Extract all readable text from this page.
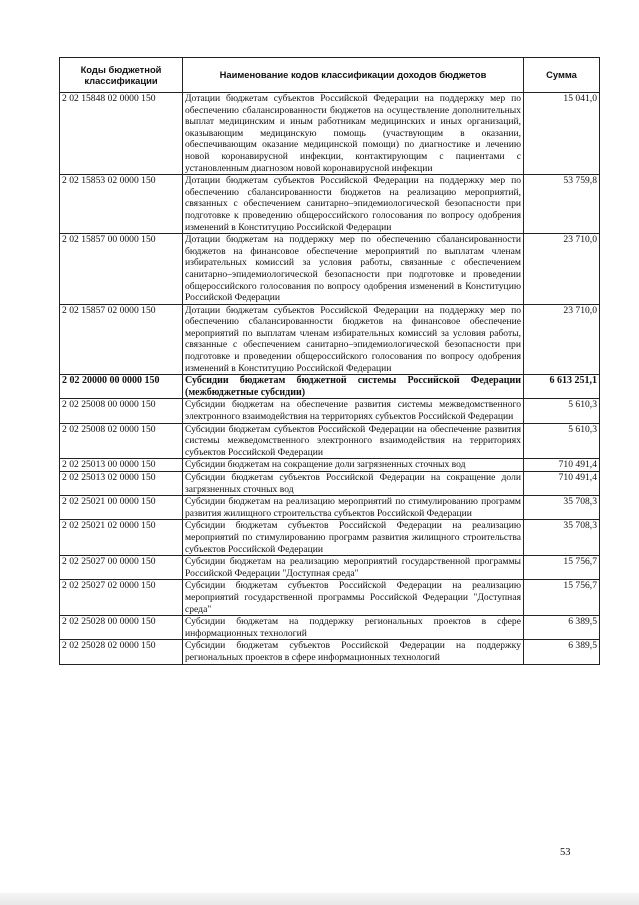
Коды бюджетной классификации	Наименование кодов классификации доходов бюджетов	Сумма
2 02 15848 02 0000 150	Дотации бюджетам субъектов Российской Федерации на поддержку мер по обеспечению сбалансированности бюджетов на осуществление дополнительных выплат медицинским и иным работникам медицинских и иных организаций, оказывающим медицинскую помощь (участвующим в оказании, обеспечивающим оказание медицинской помощи) по диагностике и лечению новой коронавирусной инфекции, контактирующим с пациентами с установленным диагнозом новой коронавирусной инфекции	15 041,0
2 02 15853 02 0000 150	Дотации бюджетам субъектов Российской Федерации на поддержку мер по обеспечению сбалансированности бюджетов на реализацию мероприятий, связанных с обеспечением санитарно–эпидемиологической безопасности при подготовке к проведению общероссийского голосования по вопросу одобрения изменений в Конституцию Российской Федерации	53 759,8
2 02 15857 00 0000 150	Дотации бюджетам на поддержку мер по обеспечению сбалансированности бюджетов на финансовое обеспечение мероприятий по выплатам членам избирательных комиссий за условия работы, связанные с обеспечением санитарно–эпидемиологической безопасности при подготовке и проведении общероссийского голосования по вопросу одобрения изменений в Конституцию Российской Федерации	23 710,0
2 02 15857 02 0000 150	Дотации бюджетам субъектов Российской Федерации на поддержку мер по обеспечению сбалансированности бюджетов на финансовое обеспечение мероприятий по выплатам членам избирательных комиссий за условия работы, связанные с обеспечением санитарно–эпидемиологической безопасности при подготовке и проведении общероссийского голосования по вопросу одобрения изменений в Конституцию Российской Федерации	23 710,0
2 02 20000 00 0000 150	Субсидии бюджетам бюджетной системы Российской Федерации (межбюджетные субсидии)	6 613 251,1
2 02 25008 00 0000 150	Субсидии бюджетам на обеспечение развития системы межведомственного электронного взаимодействия на территориях субъектов Российской Федерации	5 610,3
2 02 25008 02 0000 150	Субсидии бюджетам субъектов Российской Федерации на обеспечение развития системы межведомственного электронного взаимодействия на территориях субъектов Российской Федерации	5 610,3
2 02 25013 00 0000 150	Субсидии бюджетам на сокращение доли загрязненных сточных вод	710 491,4
2 02 25013 02 0000 150	Субсидии бюджетам субъектов Российской Федерации на сокращение доли загрязненных сточных вод	710 491,4
2 02 25021 00 0000 150	Субсидии бюджетам на реализацию мероприятий по стимулированию программ развития жилищного строительства субъектов Российской Федерации	35 708,3
2 02 25021 02 0000 150	Субсидии бюджетам субъектов Российской Федерации на реализацию мероприятий по стимулированию программ развития жилищного строительства субъектов Российской Федерации	35 708,3
2 02 25027 00 0000 150	Субсидии бюджетам на реализацию мероприятий государственной программы Российской Федерации "Доступная среда"	15 756,7
2 02 25027 02 0000 150	Субсидии бюджетам субъектов Российской Федерации на реализацию мероприятий государственной программы Российской Федерации "Доступная среда"	15 756,7
2 02 25028 00 0000 150	Субсидии бюджетам на поддержку региональных проектов в сфере информационных технологий	6 389,5
2 02 25028 02 0000 150	Субсидии бюджетам субъектов Российской Федерации на поддержку региональных проектов в сфере информационных технологий	6 389,5
53
